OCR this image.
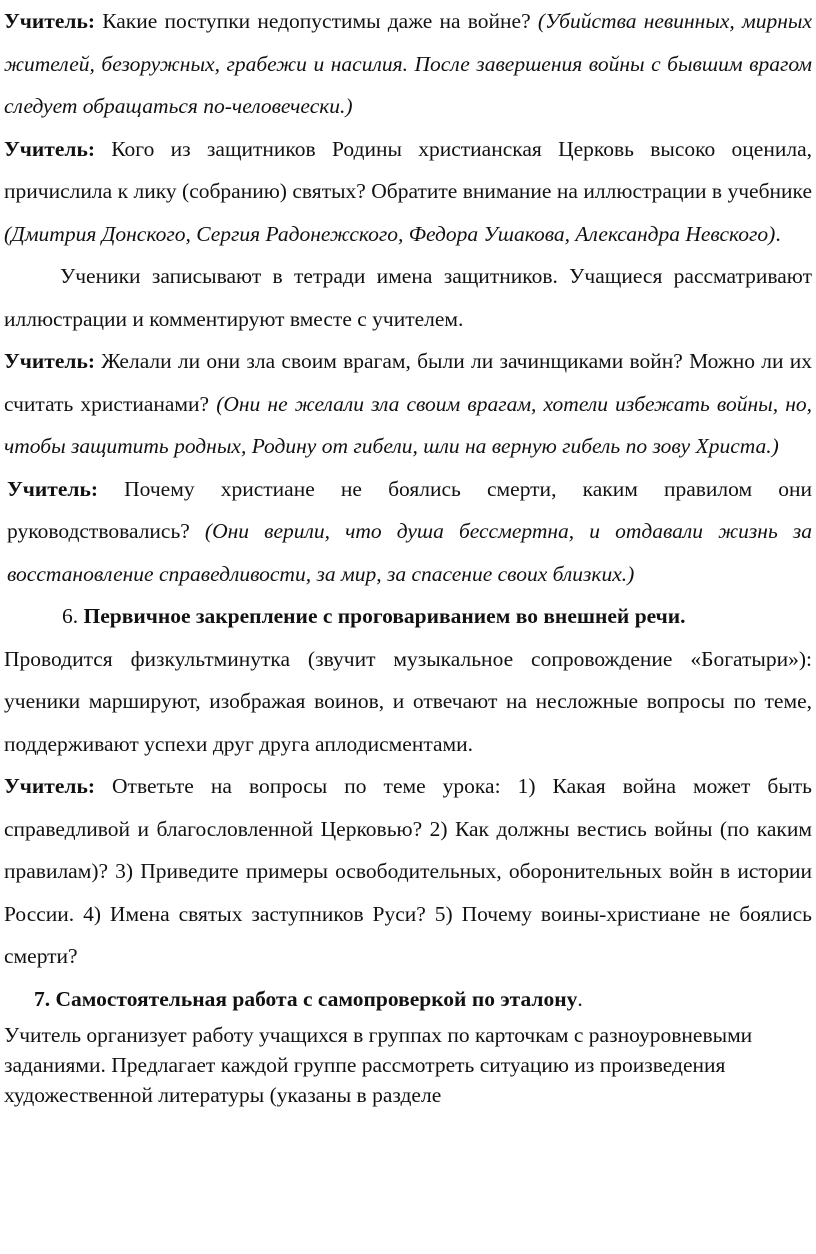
Учитель: Какие поступки недопустимы даже на войне? (Убийства невинных, мирных жителей, безоружных, грабежи и насилия. После завершения войны с бывшим врагом следует обращаться по-человечески.)

Учитель: Кого из защитников Родины христианская Церковь высоко оценила, причислила к лику (собранию) святых? Обратите внимание на иллюстрации в учебнике (Дмитрия Донского, Сергия Радонежского, Федора Ушакова, Александра Невского).

Ученики записывают в тетради имена защитников. Учащиеся рассматривают иллюстрации и комментируют вместе с учителем.

Учитель: Желали ли они зла своим врагам, были ли зачинщиками войн? Можно ли их считать христианами? (Они не желали зла своим врагам, хотели избежать войны, но, чтобы защитить родных, Родину от гибели, шли на верную гибель по зову Христа.)

Учитель: Почему христиане не боялись смерти, каким правилом они руководствовались? (Они верили, что душа бессмертна, и отдавали жизнь за восстановление справедливости, за мир, за спасение своих близких.)

6. Первичное закрепление с проговариванием во внешней речи.

Проводится физкультминутка (звучит музыкальное сопровождение «Богатыри»): ученики маршируют, изображая воинов, и отвечают на несложные вопросы по теме, поддерживают успехи друг друга аплодисментами.

Учитель: Ответьте на вопросы по теме урока: 1) Какая война может быть справедливой и благословленной Церковью? 2) Как должны вестись войны (по каким правилам)? 3) Приведите примеры освободительных, оборонительных войн в истории России. 4) Имена святых заступников Руси? 5) Почему воины-христиане не боялись смерти?

7. Самостоятельная работа с самопроверкой по эталону.

Учитель организует работу учащихся в группах по карточкам с разноуровневыми заданиями. Предлагает каждой группе рассмотреть ситуацию из произведения художественной литературы (указаны в разделе
